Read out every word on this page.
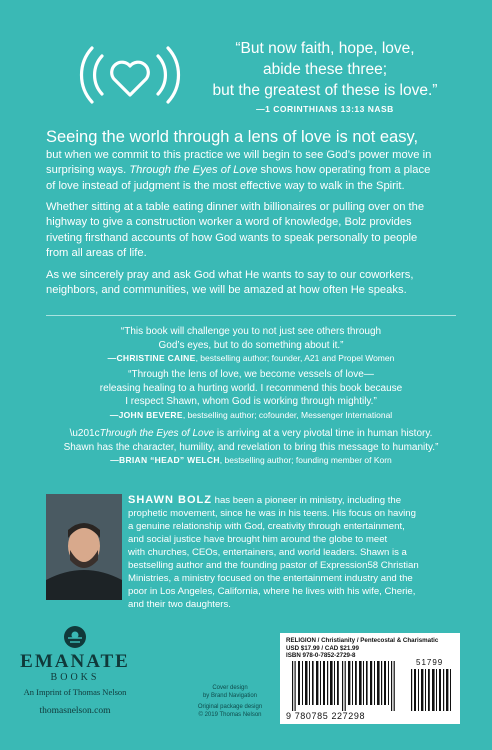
“But now faith, hope, love,
abide these three;
but the greatest of these is love.”
—1 CORINTHIANS 13:13 NASB
Seeing the world through a lens of love is not easy,
but when we commit to this practice we will begin to see God’s power move in
surprising ways. Through the Eyes of Love shows how operating from a place
of love instead of judgment is the most effective way to walk in the Spirit.
Whether sitting at a table eating dinner with billionaires or pulling over on the
highway to give a construction worker a word of knowledge, Bolz provides
riveting firsthand accounts of how God wants to speak personally to people
from all areas of life.
As we sincerely pray and ask God what He wants to say to our coworkers,
neighbors, and communities, we will be amazed at how often He speaks.
“This book will challenge you to not just see others through
God’s eyes, but to do something about it.”
—CHRISTINE CAINE, bestselling author; founder, A21 and Propel Women
“Through the lens of love, we become vessels of love—
releasing healing to a hurting world. I recommend this book because
I respect Shawn, whom God is working through mightily.”
—JOHN BEVERE, bestselling author; cofounder, Messenger International
\u201cThrough the Eyes of Love is arriving at a very pivotal time in human history.
Shawn has the character, humility, and revelation to bring this message to humanity.”
—BRIAN “HEAD” WELCH, bestselling author; founding member of Korn
SHAWN BOLZ has been a pioneer in ministry, including the
prophetic movement, since he was in his teens. His focus on having
a genuine relationship with God, creativity through entertainment,
and social justice have brought him around the globe to meet
with churches, CEOs, entertainers, and world leaders. Shawn is a
bestselling author and the founding pastor of Expression58 Christian
Ministries, a ministry focused on the entertainment industry and the
poor in Los Angeles, California, where he lives with his wife, Cherie,
and their two daughters.
EMANATE
BOOKS
An Imprint of Thomas Nelson
thomasnelson.com
Cover design
by Brand Navigation
Original package design
© 2019 Thomas Nelson
RELIGION / Christianity / Pentecostal & Charismatic
USD $17.99 / CAD $21.99
ISBN 978-0-7852-2729-8
51799
9 780785 227298
